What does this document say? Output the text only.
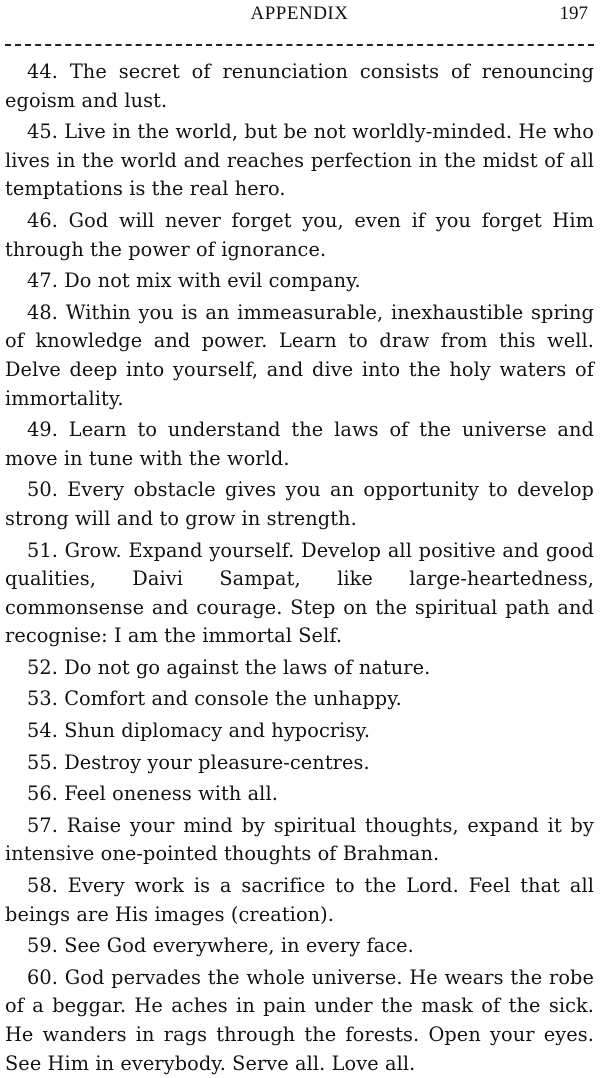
APPENDIX	197

44. The secret of renunciation consists of renouncing egoism and lust.

45. Live in the world, but be not worldly-minded. He who lives in the world and reaches perfection in the midst of all temptations is the real hero.

46. God will never forget you, even if you forget Him through the power of ignorance.

47. Do not mix with evil company.

48. Within you is an immeasurable, inexhaustible spring of knowledge and power. Learn to draw from this well. Delve deep into yourself, and dive into the holy waters of immortality.

49. Learn to understand the laws of the universe and move in tune with the world.

50. Every obstacle gives you an opportunity to develop strong will and to grow in strength.

51. Grow. Expand yourself. Develop all positive and good qualities, Daivi Sampat, like large-heartedness, commonsense and courage. Step on the spiritual path and recognise: I am the immortal Self.

52. Do not go against the laws of nature.

53. Comfort and console the unhappy.

54. Shun diplomacy and hypocrisy.

55. Destroy your pleasure-centres.

56. Feel oneness with all.

57. Raise your mind by spiritual thoughts, expand it by intensive one-pointed thoughts of Brahman.

58. Every work is a sacrifice to the Lord. Feel that all beings are His images (creation).

59. See God everywhere, in every face.

60. God pervades the whole universe. He wears the robe of a beggar. He aches in pain under the mask of the sick. He wanders in rags through the forests. Open your eyes. See Him in everybody. Serve all. Love all.
